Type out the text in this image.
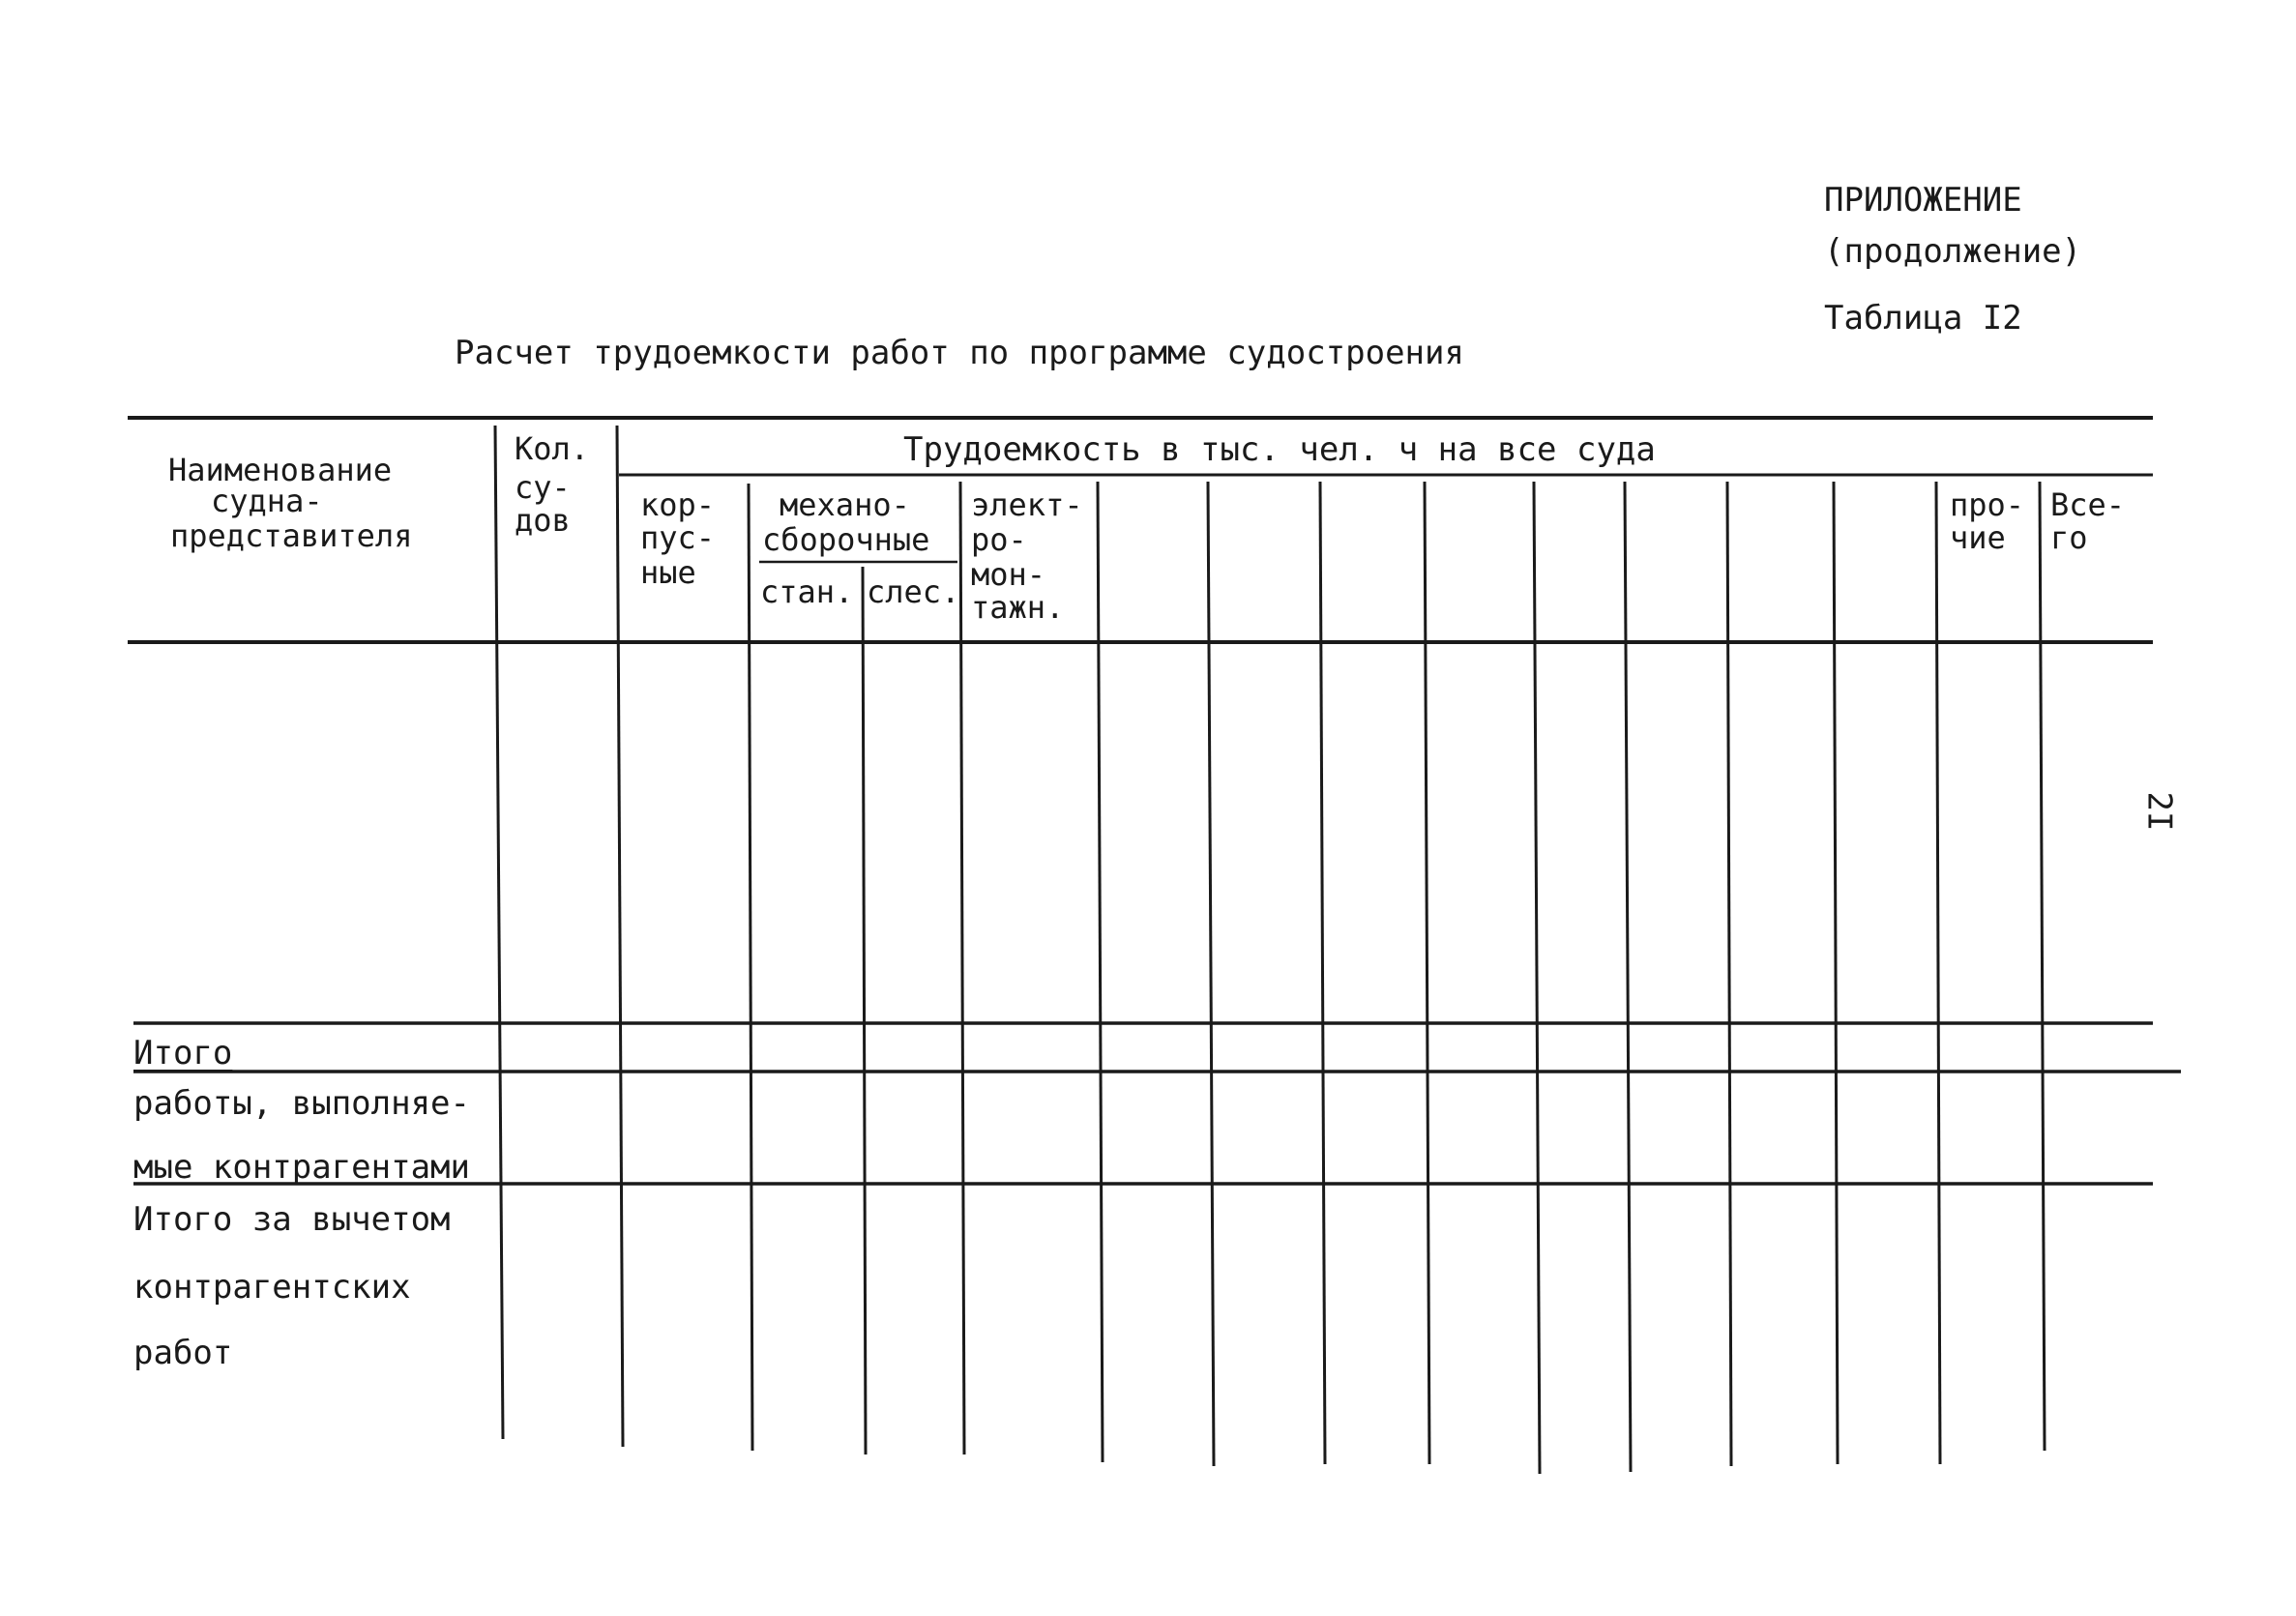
ПРИЛОЖЕНИЕ
(продолжение)
Таблица I2
Расчет трудоемкости работ по программе судостроения
2I
Наименование
судна-
представителя
Кол.
су-
дов
Трудоемкость в тыс. чел. ч на все суда
кор-
пус-
ные
механо-
сборочные
стан. слес.
элект-
ро-
мон-
тажн.
про-
чие
Все-
го
Итого
работы, выполняе-
мые контрагентами
Итого за вычетом
контрагентских
работ
